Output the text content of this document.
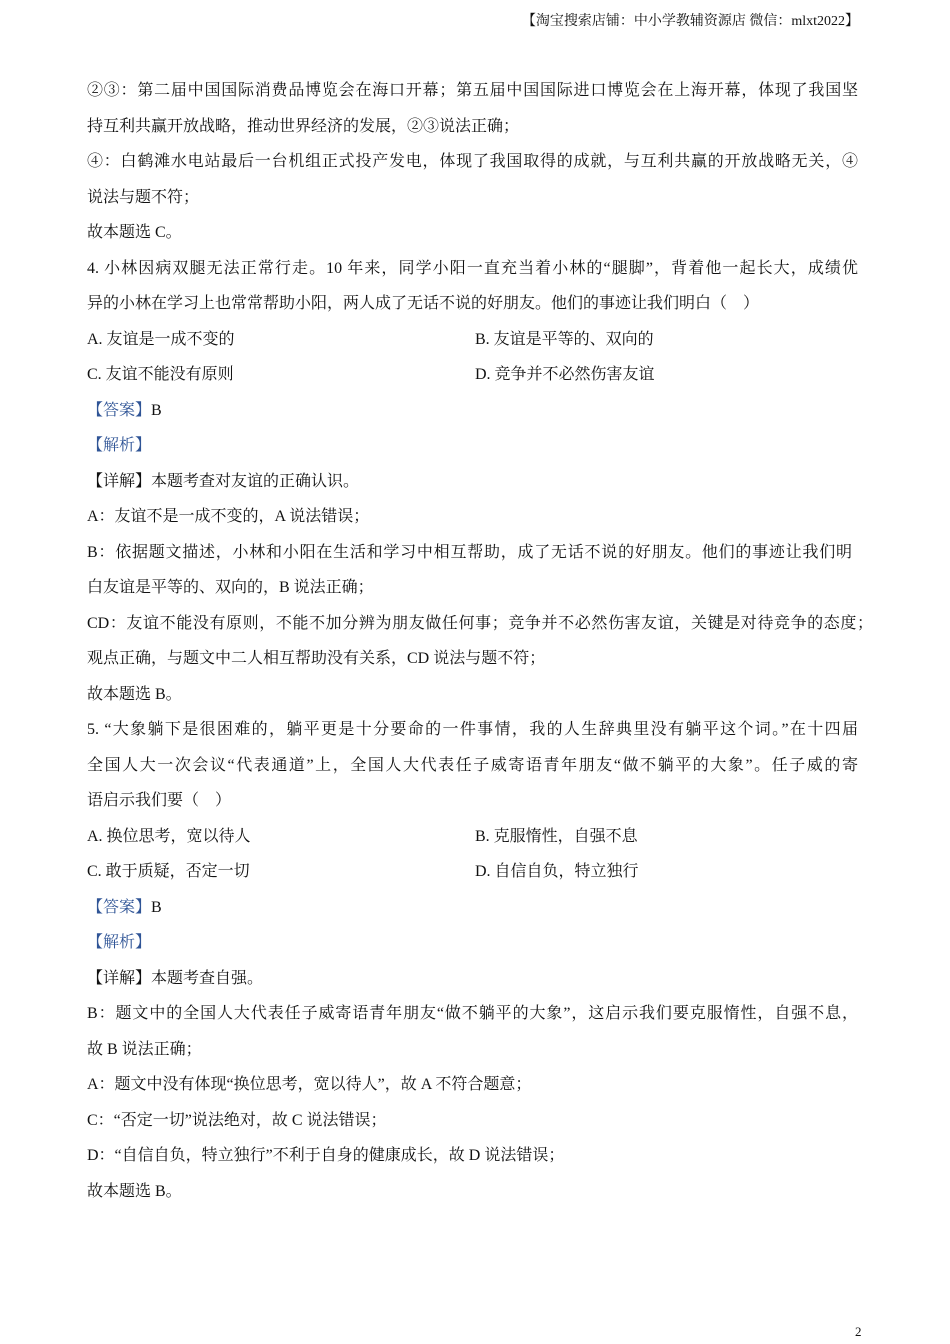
【淘宝搜索店铺：中小学教辅资源店 微信：mlxt2022】
②③：第二届中国国际消费品博览会在海口开幕；第五届中国国际进口博览会在上海开幕，体现了我国坚
持互利共赢开放战略，推动世界经济的发展，②③说法正确；
④：白鹤滩水电站最后一台机组正式投产发电，体现了我国取得的成就，与互利共赢的开放战略无关，④
说法与题不符；
故本题选 C。
4. 小林因病双腿无法正常行走。10 年来，同学小阳一直充当着小林的“腿脚”，背着他一起长大，成绩优
异的小林在学习上也常常帮助小阳，两人成了无话不说的好朋友。他们的事迹让我们明白（　）
A. 友谊是一成不变的	B. 友谊是平等的、双向的
C. 友谊不能没有原则	D. 竞争并不必然伤害友谊
【答案】B
【解析】
【详解】本题考查对友谊的正确认识。
A：友谊不是一成不变的，A 说法错误；
B：依据题文描述，小林和小阳在生活和学习中相互帮助，成了无话不说的好朋友。他们的事迹让我们明
白友谊是平等的、双向的，B 说法正确；
CD：友谊不能没有原则，不能不加分辨为朋友做任何事；竞争并不必然伤害友谊，关键是对待竞争的态度；
观点正确，与题文中二人相互帮助没有关系，CD 说法与题不符；
故本题选 B。
5. “大象躺下是很困难的，躺平更是十分要命的一件事情，我的人生辞典里没有躺平这个词。”在十四届
全国人大一次会议“代表通道”上，全国人大代表任子威寄语青年朋友“做不躺平的大象”。任子威的寄
语启示我们要（　）
A. 换位思考，宽以待人	B. 克服惰性，自强不息
C. 敢于质疑，否定一切	D. 自信自负，特立独行
【答案】B
【解析】
【详解】本题考查自强。
B：题文中的全国人大代表任子威寄语青年朋友“做不躺平的大象”，这启示我们要克服惰性，自强不息，
故 B 说法正确；
A：题文中没有体现“换位思考，宽以待人”，故 A 不符合题意；
C：“否定一切”说法绝对，故 C 说法错误；
D：“自信自负，特立独行”不利于自身的健康成长，故 D 说法错误；
故本题选 B。
2
